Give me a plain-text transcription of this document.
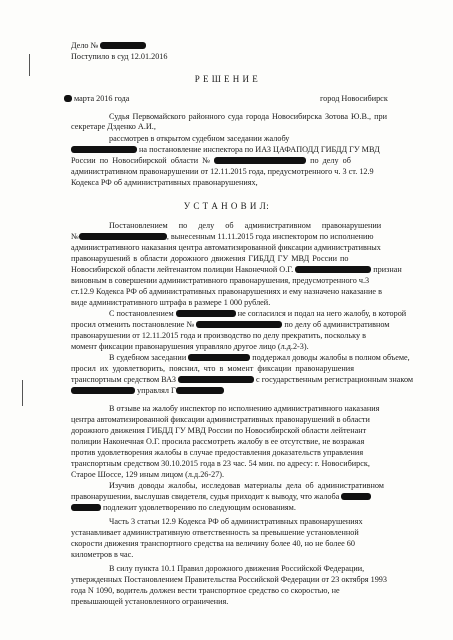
Дело №
Поступило в суд 12.01.2016
Р Е Ш Е Н И Е
марта 2016 года	город Новосибирск
Судья Первомайского районного суда города Новосибирска Зотова Ю.В., при
секретаре Дзденко А.И.,
рассмотрев в открытом судебном заседании жалобу
на постановление инспектора по ИАЗ ЦАФАПОДД ГИБДД ГУ МВД
России по Новосибирской области №	по делу об
административном правонарушении от 12.11.2015 года, предусмотренного ч. 3 ст. 12.9
Кодекса РФ об административных правонарушениях,
У С Т А Н О В И Л:
Постановлением по делу об административном правонарушении
№	, вынесенным 11.11.2015 года инспектором по исполнению
административного наказания центра автоматизированной фиксации административных
правонарушений в области дорожного движения ГИБДД ГУ МВД России по
Новосибирской области лейтенантом полиции Наконечной О.Г.	признан
виновным в совершении административного правонарушения, предусмотренного ч.3
ст.12.9 Кодекса РФ об административных правонарушениях и ему назначено наказание в
виде административного штрафа в размере 1 000 рублей.
С постановлением	не согласился и подал на него жалобу, в которой
просил отменить постановление №	по делу об административном
правонарушении от 12.11.2015 года и производство по делу прекратить, поскольку в
момент фиксации правонарушения управляло другое лицо (л.д.2-3).
В судебном заседании	поддержал доводы жалобы в полном объеме,
просил их удовлетворить, пояснил, что в момент фиксации правонарушения
транспортным средством ВАЗ	с государственным регистрационным знаком
управлял Г
В отзыве на жалобу инспектор по исполнению административного наказания
центра автоматизированной фиксации административных правонарушений в области
дорожного движения ГИБДД ГУ МВД России по Новосибирской области лейтенант
полиции Наконечная О.Г. просила рассмотреть жалобу в ее отсутствие, не возражая
против удовлетворения жалобы в случае предоставления доказательств управления
транспортным средством 30.10.2015 года в 23 час. 54 мин. по адресу: г. Новосибирск,
Старое Шоссе, 129 иным лицом (л.д.26-27).
Изучив доводы жалобы, исследовав материалы дела об административном
правонарушении, выслушав свидетеля, судья приходит к выводу, что жалоба
подлежит удовлетворению по следующим основаниям.
Часть 3 статьи 12.9 Кодекса РФ об административных правонарушениях
устанавливает административную ответственность за превышение установленной
скорости движения транспортного средства на величину более 40, но не более 60
километров в час.
В силу пункта 10.1 Правил дорожного движения Российской Федерации,
утвержденных Постановлением Правительства Российской Федерации от 23 октября 1993
года N 1090, водитель должен вести транспортное средство со скоростью, не
превышающей установленного ограничения.
